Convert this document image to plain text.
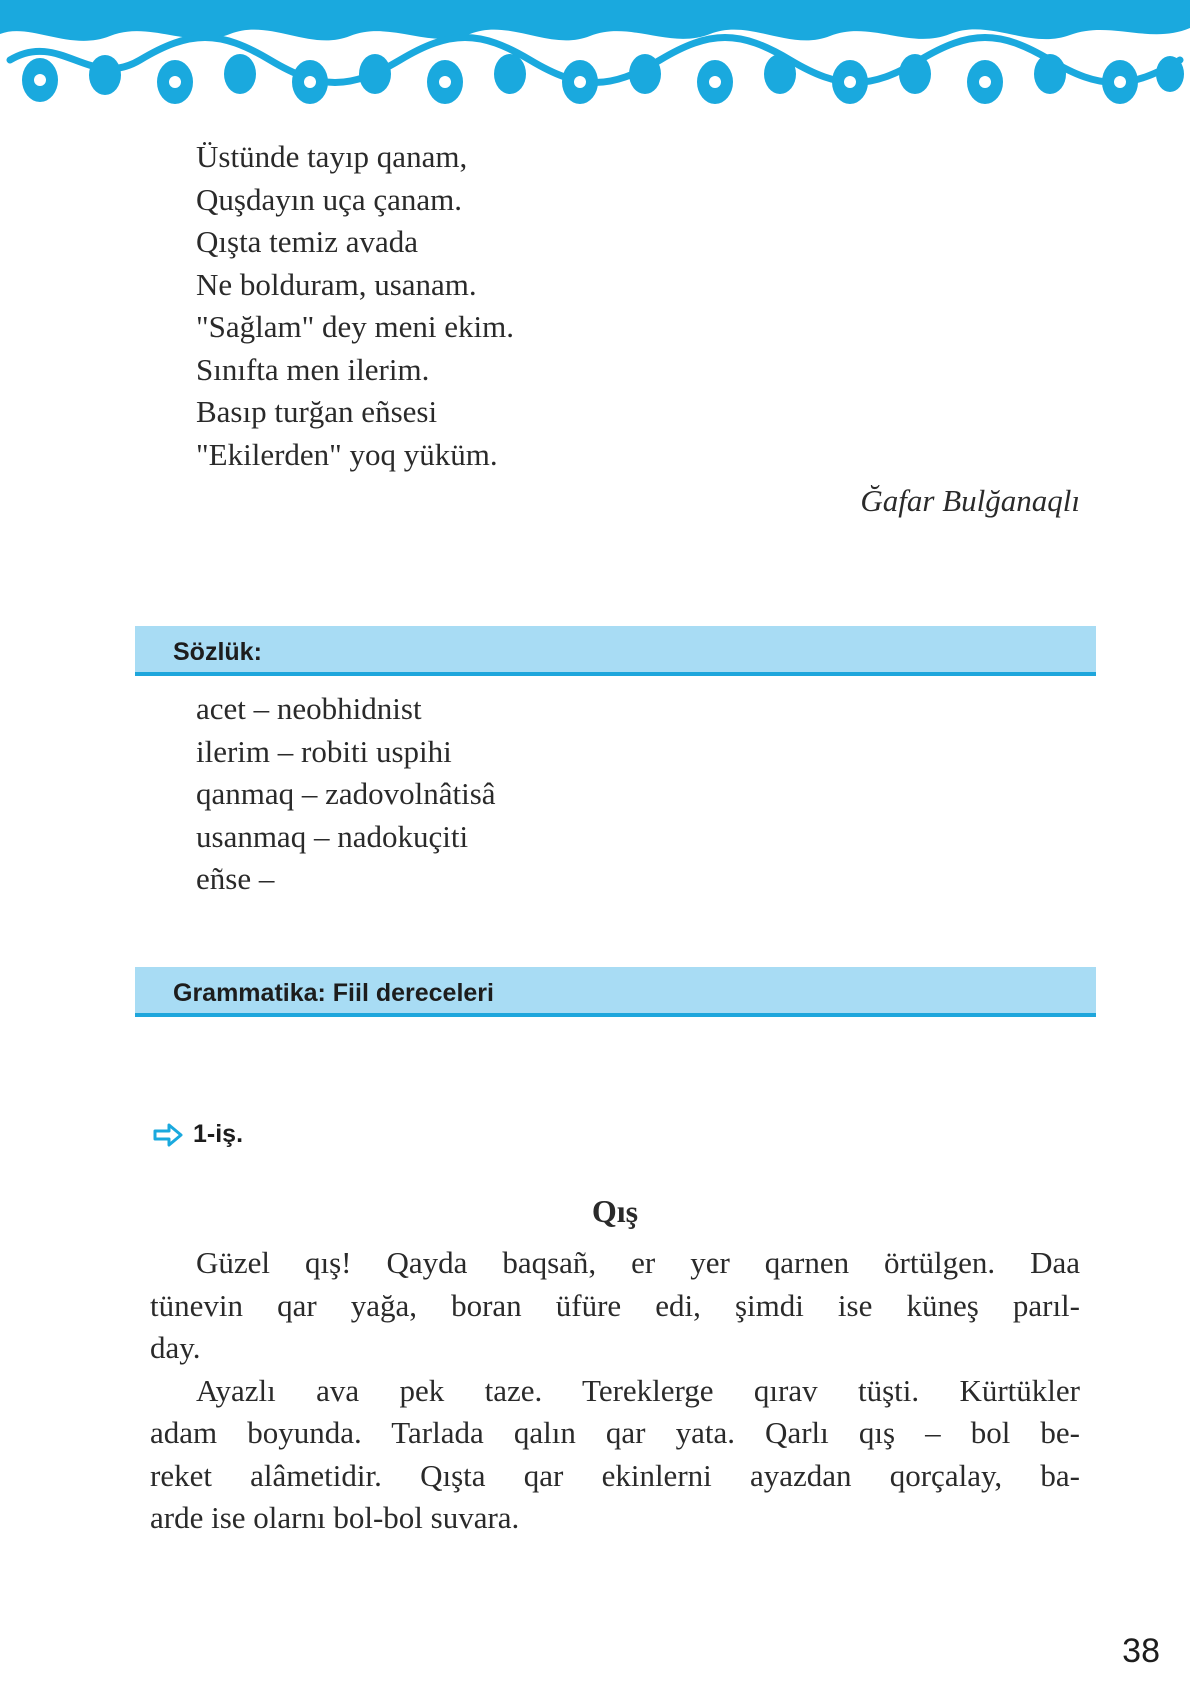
Üstünde tayıp qanam,
Quşdayın uça çanam.
Qışta temiz avada
Ne bolduram, usanam.
"Sağlam" dey meni ekim.
Sınıfta men ilerim.
Basıp turğan eñsesi
"Ekilerden" yoq yüküm.
Ğafar Bulğanaqlı
Sözlük:
acet – neobhidnist
ilerim – robiti uspihi
qanmaq – zadovolnâtisâ
usanmaq – nadokuçiti
eñse –
Grammatika: Fiil dereceleri
1-iş.
Qış
Güzel qış! Qayda baqsañ, er yer qarnen örtülgen. Daa
tünevin qar yağa, boran üfüre edi, şimdi ise küneş parıl-
day.
Ayazlı ava pek taze. Tereklerge qırav tüşti. Kürtükler
adam boyunda. Tarlada qalın qar yata. Qarlı qış – bol be-
reket alâmetidir. Qışta qar ekinlerni ayazdan qorçalay, ba-
arde ise olarnı bol-bol suvara.
38
